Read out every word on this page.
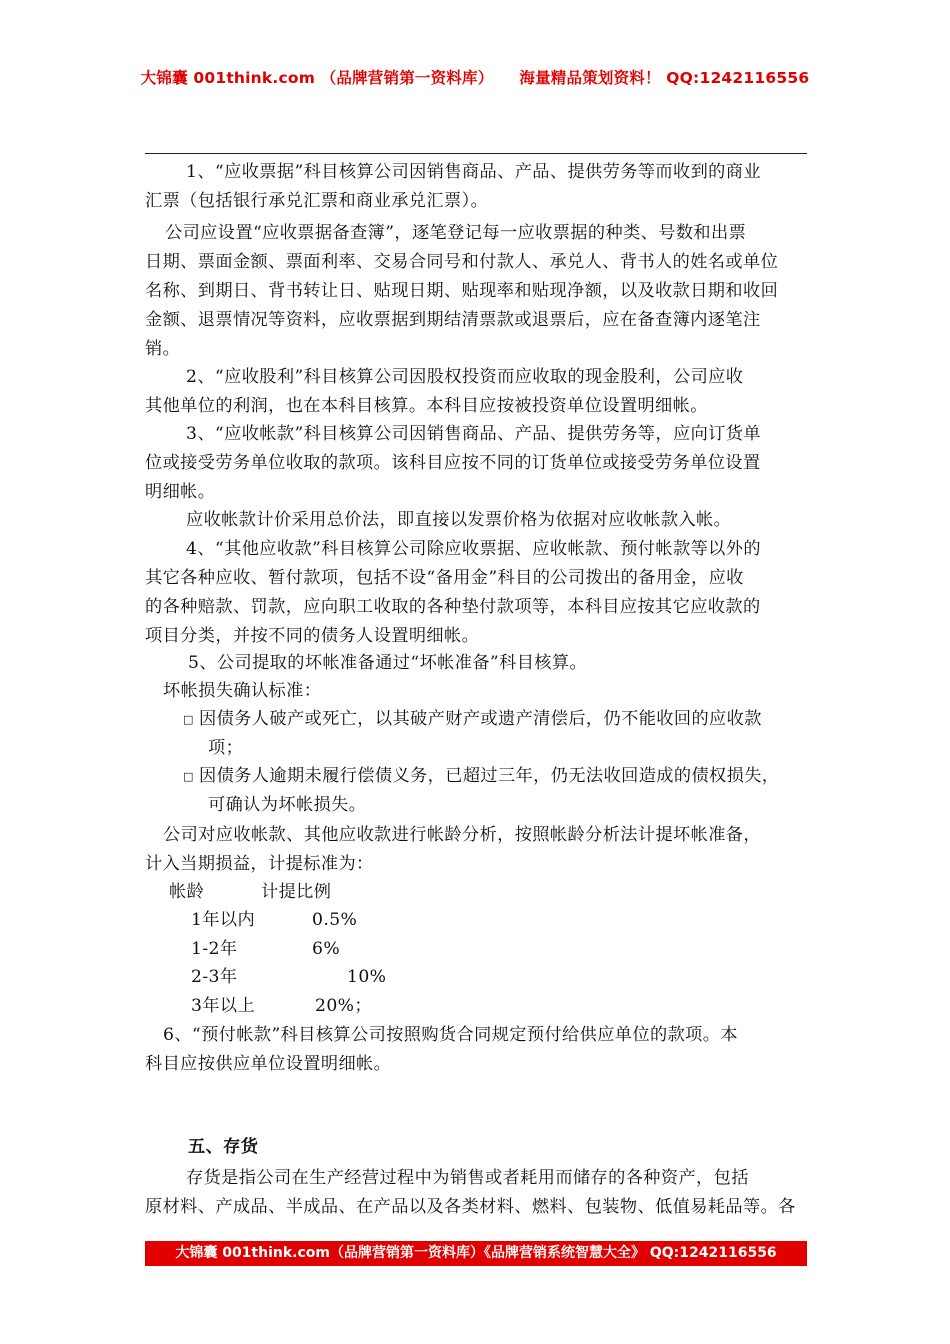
大锦囊 001think.com （品牌营销第一资料库） 海量精品策划资料！ QQ:1242116556
1、“应收票据”科目核算公司因销售商品、产品、提供劳务等而收到的商业
汇票（包括银行承兑汇票和商业承兑汇票）。
公司应设置“应收票据备查簿”，逐笔登记每一应收票据的种类、号数和出票
日期、票面金额、票面利率、交易合同号和付款人、承兑人、背书人的姓名或单位
名称、到期日、背书转让日、贴现日期、贴现率和贴现净额，以及收款日期和收回
金额、退票情况等资料，应收票据到期结清票款或退票后，应在备查簿内逐笔注
销。
2、“应收股利”科目核算公司因股权投资而应收取的现金股利，公司应收
其他单位的利润，也在本科目核算。本科目应按被投资单位设置明细帐。
3、“应收帐款”科目核算公司因销售商品、产品、提供劳务等，应向订货单
位或接受劳务单位收取的款项。该科目应按不同的订货单位或接受劳务单位设置
明细帐。
应收帐款计价采用总价法，即直接以发票价格为依据对应收帐款入帐。
4、“其他应收款”科目核算公司除应收票据、应收帐款、预付帐款等以外的
其它各种应收、暂付款项，包括不设“备用金”科目的公司拨出的备用金，应收
的各种赔款、罚款，应向职工收取的各种垫付款项等，本科目应按其它应收款的
项目分类，并按不同的债务人设置明细帐。
5、公司提取的坏帐准备通过“坏帐准备”科目核算。
坏帐损失确认标准：
□ 因债务人破产或死亡，以其破产财产或遗产清偿后，仍不能收回的应收款
项；
□ 因债务人逾期未履行偿债义务，已超过三年，仍无法收回造成的债权损失，
可确认为坏帐损失。
公司对应收帐款、其他应收款进行帐龄分析，按照帐龄分析法计提坏帐准备，
计入当期损益，计提标准为：
帐龄	计提比例
1年以内	0.5%
1-2年	6%
2-3年	10%
3年以上	20%；
6、“预付帐款”科目核算公司按照购货合同规定预付给供应单位的款项。本
科目应按供应单位设置明细帐。
五、存货
存货是指公司在生产经营过程中为销售或者耗用而储存的各种资产，包括
原材料、产成品、半成品、在产品以及各类材料、燃料、包装物、低值易耗品等。各
大锦囊 001think.com（品牌营销第一资料库）《品牌营销系统智慧大全》 QQ:1242116556
